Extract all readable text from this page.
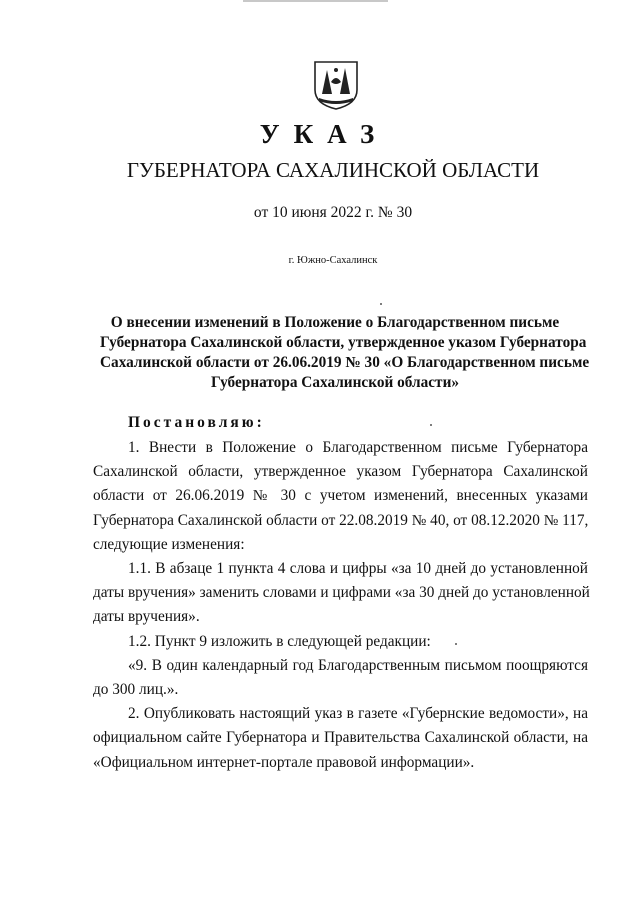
УКАЗ
ГУБЕРНАТОРА САХАЛИНСКОЙ ОБЛАСТИ
от 10 июня 2022 г. № 30
г. Южно-Сахалинск
О внесении изменений в Положение о Благодарственном письме
Губернатора Сахалинской области, утвержденное указом Губернатора
Сахалинской области от 26.06.2019 № 30 «О Благодарственном письме
Губернатора Сахалинской области»
Постановляю:
1. Внести в Положение о Благодарственном письме Губернатора
Сахалинской области, утвержденное указом Губернатора Сахалинской
области от 26.06.2019 № 30 с учетом изменений, внесенных указами
Губернатора Сахалинской области от 22.08.2019 № 40, от 08.12.2020 № 117,
следующие изменения:
1.1. В абзаце 1 пункта 4 слова и цифры «за 10 дней до установленной
даты вручения» заменить словами и цифрами «за 30 дней до установленной
даты вручения».
1.2. Пункт 9 изложить в следующей редакции:
«9. В один календарный год Благодарственным письмом поощряются
до 300 лиц.».
2. Опубликовать настоящий указ в газете «Губернские ведомости», на
официальном сайте Губернатора и Правительства Сахалинской области, на
«Официальном интернет-портале правовой информации».
